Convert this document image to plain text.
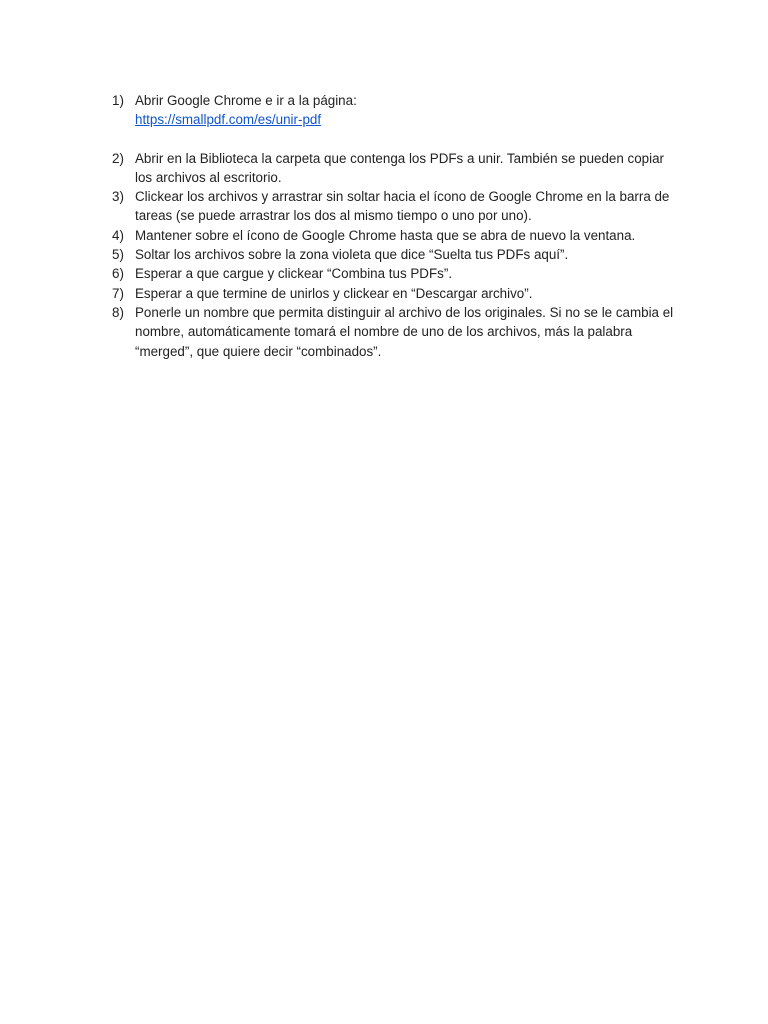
1) Abrir Google Chrome e ir a la página:
https://smallpdf.com/es/unir-pdf
2) Abrir en la Biblioteca la carpeta que contenga los PDFs a unir. También se pueden copiar los archivos al escritorio.
3) Clickear los archivos y arrastrar sin soltar hacia el ícono de Google Chrome en la barra de tareas (se puede arrastrar los dos al mismo tiempo o uno por uno).
4) Mantener sobre el ícono de Google Chrome hasta que se abra de nuevo la ventana.
5) Soltar los archivos sobre la zona violeta que dice “Suelta tus PDFs aquí”.
6) Esperar a que cargue y clickear “Combina tus PDFs”.
7) Esperar a que termine de unirlos y clickear en “Descargar archivo”.
8) Ponerle un nombre que permita distinguir al archivo de los originales. Si no se le cambia el nombre, automáticamente tomará el nombre de uno de los archivos, más la palabra “merged”, que quiere decir “combinados”.
